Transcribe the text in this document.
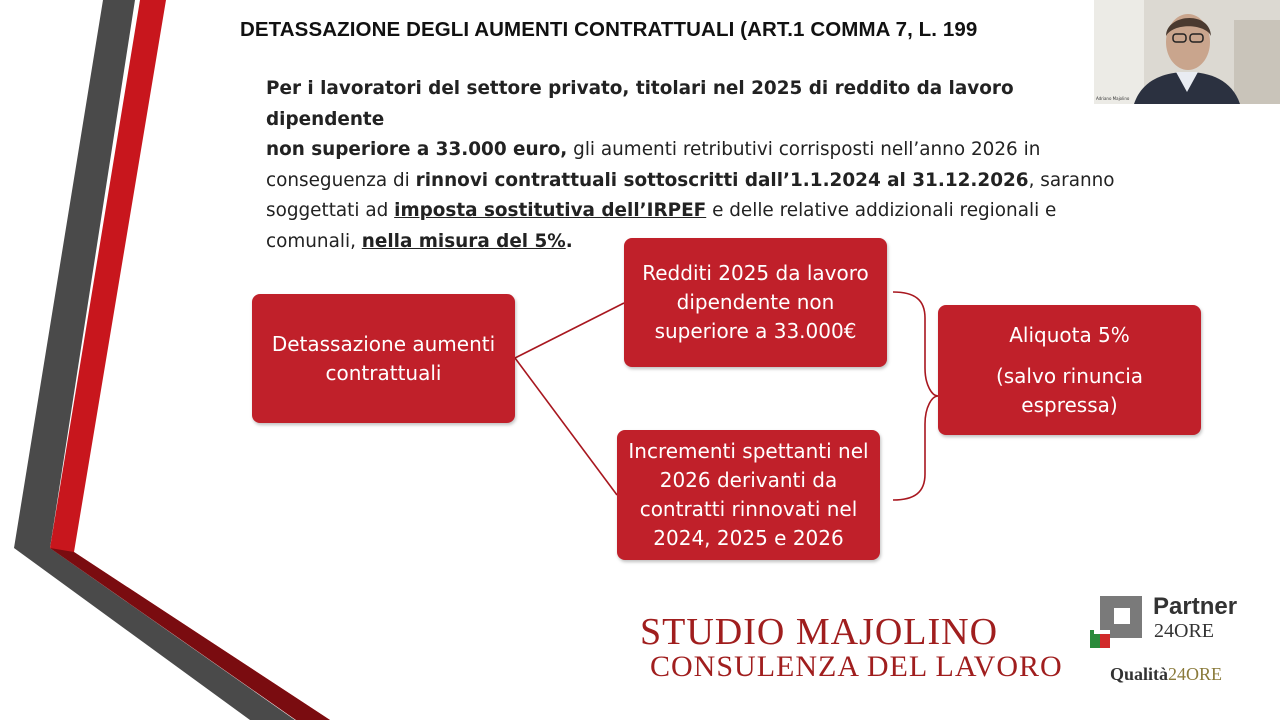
DETASSAZIONE DEGLI AUMENTI CONTRATTUALI (ART.1 COMMA 7, L. 199
Per i lavoratori del settore privato, titolari nel 2025 di reddito da lavoro dipendente
non superiore a 33.000 euro, gli aumenti retributivi corrisposti nell’anno 2026 in
conseguenza di rinnovi contrattuali sottoscritti dall’1.1.2024 al 31.12.2026, saranno
soggettati ad imposta sostitutiva dell’IRPEF e delle relative addizionali regionali e
comunali, nella misura del 5%.

Detassazione aumenti contrattuali

Redditi 2025 da lavoro dipendente non superiore a 33.000€

Incrementi spettanti nel 2026 derivanti da contratti rinnovati nel 2024, 2025 e 2026

Aliquota 5%

(salvo rinuncia espressa)

Adriano Majolino
STUDIO MAJOLINO
CONSULENZA DEL LAVORO
Partner
24ORE
Qualità24ORE
